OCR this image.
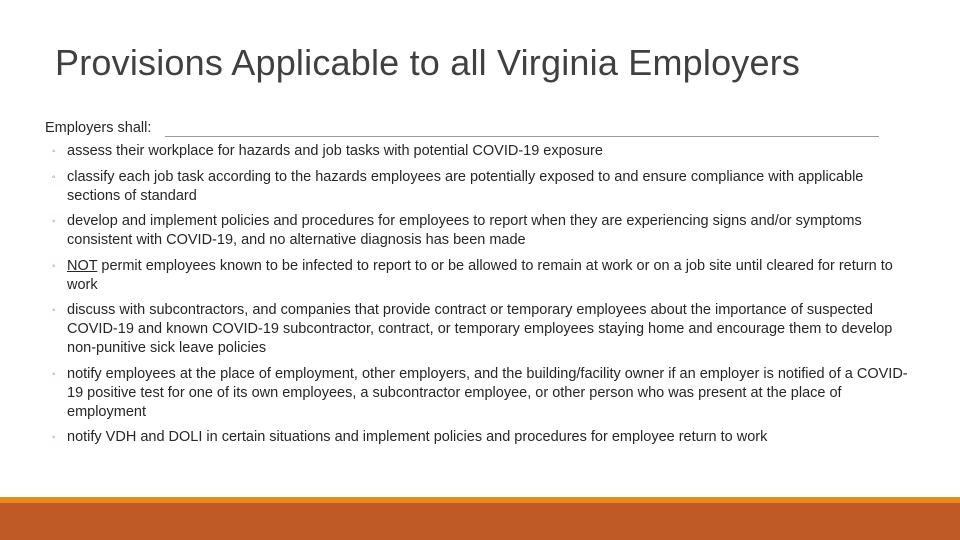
Provisions Applicable to all Virginia Employers
Employers shall:
◦ assess their workplace for hazards and job tasks with potential COVID-19 exposure
◦ classify each job task according to the hazards employees are potentially exposed to and ensure compliance with applicable sections of standard
◦ develop and implement policies and procedures for employees to report when they are experiencing signs and/or symptoms consistent with COVID-19, and no alternative diagnosis has been made
◦ NOT permit employees known to be infected to report to or be allowed to remain at work or on a job site until cleared for return to work
◦ discuss with subcontractors, and companies that provide contract or temporary employees about the importance of suspected COVID-19 and known COVID-19 subcontractor, contract, or temporary employees staying home and encourage them to develop non-punitive sick leave policies
◦ notify employees at the place of employment, other employers, and the building/facility owner if an employer is notified of a COVID-19 positive test for one of its own employees, a subcontractor employee, or other person who was present at the place of employment
◦ notify VDH and DOLI in certain situations and implement policies and procedures for employee return to work
